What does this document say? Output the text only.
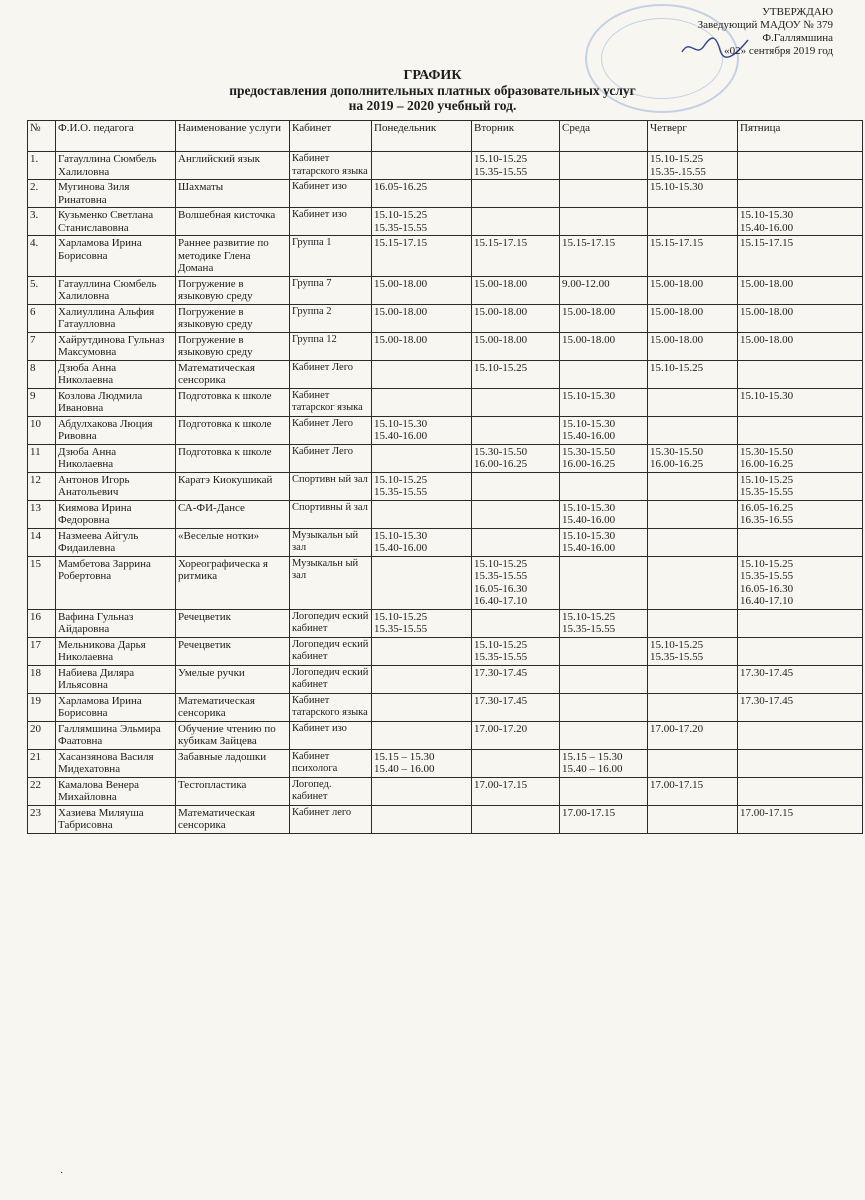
УТВЕРЖДАЮ
Заведующий МАДОУ № 379
Ф.Галлямшина
«02» сентября 2019 год
ГРАФИК
предоставления дополнительных платных образовательных услуг
на 2019 – 2020 учебный год.
№	Ф.И.О. педагога	Наименование услуги	Кабинет	Понедельник	Вторник	Среда	Четверг	Пятница

1.	Гатауллина Сюмбель Халиловна	Английский язык	Кабинет татарского языка		15.10-15.25
15.35-15.55		15.10-15.25
15.35-.15.55	

2.	Мугинова Зиля Ринатовна	Шахматы	Кабинет изо	16.05-16.25			15.10-15.30	

3.	Кузьменко Светлана Станиславовна	Волшебная кисточка	Кабинет изо	15.10-15.25
15.35-15.55				15.10-15.30
15.40-16.00

4.	Харламова Ирина Борисовна	Раннее развитие по методике Глена Домана	Группа 1	15.15-17.15	15.15-17.15	15.15-17.15	15.15-17.15	15.15-17.15

5.	Гатауллина Сюмбель Халиловна	Погружение в языковую среду	Группа 7	15.00-18.00	15.00-18.00	9.00-12.00	15.00-18.00	15.00-18.00

6	Халиуллина Альфия Гатаулловна	Погружение в языковую среду	Группа 2	15.00-18.00	15.00-18.00	15.00-18.00	15.00-18.00	15.00-18.00

7	Хайрутдинова Гульназ Максумовна	Погружение в языковую среду	Группа 12	15.00-18.00	15.00-18.00	15.00-18.00	15.00-18.00	15.00-18.00

8	Дзюба Анна Николаевна	Математическая сенсорика	Кабинет Лего		15.10-15.25		15.10-15.25	

9	Козлова Людмила Ивановна	Подготовка к школе	Кабинет татарског языка			15.10-15.30		15.10-15.30

10	Абдулхакова Люция Ривовна	Подготовка к школе	Кабинет Лего	15.10-15.30
15.40-16.00		15.10-15.30
15.40-16.00		

11	Дзюба Анна Николаевна	Подготовка к школе	Кабинет Лего		15.30-15.50
16.00-16.25	15.30-15.50
16.00-16.25	15.30-15.50
16.00-16.25	15.30-15.50
16.00-16.25

12	Антонов Игорь Анатольевич	Каратэ Киокушикай	Спортивн ый зал	15.10-15.25
15.35-15.55				15.10-15.25
15.35-15.55

13	Киямова Ирина Федоровна	СА-ФИ-Дансе	Спортивны й зал			15.10-15.30
15.40-16.00		16.05-16.25
16.35-16.55

14	Назмеева Айгуль Фидаилевна	«Веселые нотки»	Музыкальн ый зал	15.10-15.30
15.40-16.00		15.10-15.30
15.40-16.00		

15	Мамбетова Заррина Робертовна	Хореографическа я ритмика	Музыкальн ый зал		15.10-15.25
15.35-15.55
16.05-16.30
16.40-17.10			15.10-15.25
15.35-15.55
16.05-16.30
16.40-17.10

16	Вафина Гульназ Айдаровна	Речецветик	Логопедич еский кабинет	15.10-15.25
15.35-15.55		15.10-15.25
15.35-15.55		

17	Мельникова Дарья Николаевна	Речецветик	Логопедич еский кабинет		15.10-15.25
15.35-15.55		15.10-15.25
15.35-15.55	

18	Набиева Диляра Ильясовна	Умелые ручки	Логопедич еский кабинет		17.30-17.45			17.30-17.45

19	Харламова Ирина Борисовна	Математическая сенсорика	Кабинет татарского языка		17.30-17.45			17.30-17.45

20	Галлямшина Эльмира Фаатовна	Обучение чтению по кубикам Зайцева	Кабинет изо		17.00-17.20		17.00-17.20	

21	Хасанзянова Василя Мидехатовна	Забавные ладошки	Кабинет психолога	15.15 – 15.30
15.40 – 16.00		15.15 – 15.30
15.40 – 16.00		

22	Камалова Венера Михайловна	Тестопластика	Логопед. кабинет		17.00-17.15		17.00-17.15	

23	Хазиева Миляуша Табрисовна	Математическая сенсорика	Кабинет лего			17.00-17.15		17.00-17.15
·
